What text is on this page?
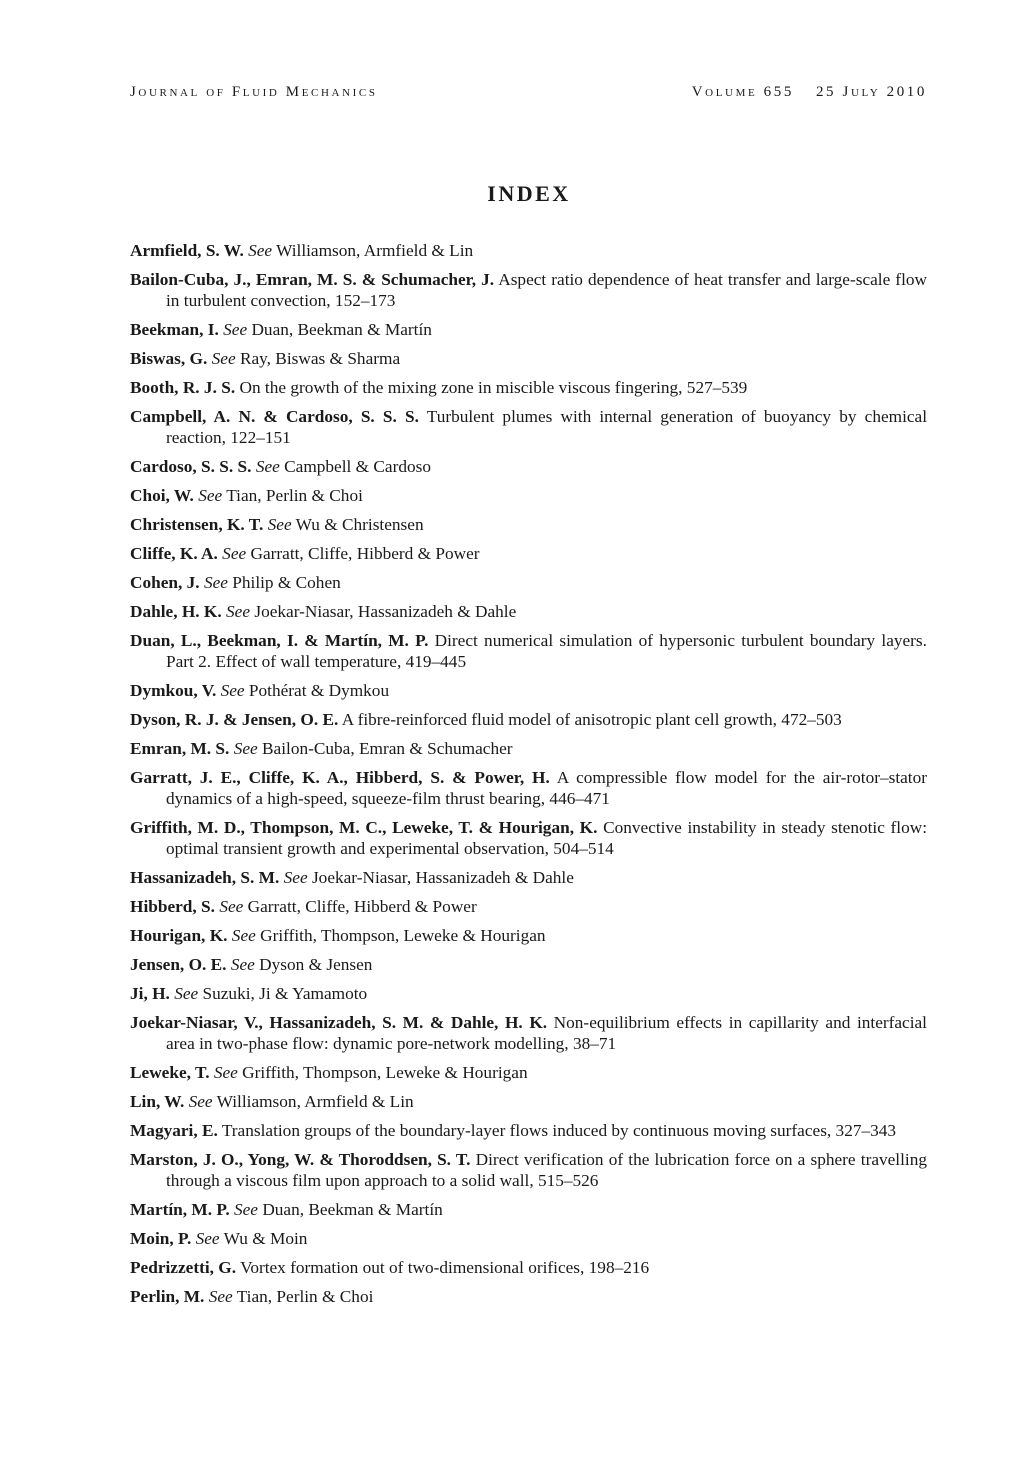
Journal of Fluid Mechanics	Volume 655 25 July 2010
INDEX
Armfield, S. W. See Williamson, Armfield & Lin
Bailon-Cuba, J., Emran, M. S. & Schumacher, J. Aspect ratio dependence of heat transfer and large-scale flow in turbulent convection, 152–173
Beekman, I. See Duan, Beekman & Martín
Biswas, G. See Ray, Biswas & Sharma
Booth, R. J. S. On the growth of the mixing zone in miscible viscous fingering, 527–539
Campbell, A. N. & Cardoso, S. S. S. Turbulent plumes with internal generation of buoyancy by chemical reaction, 122–151
Cardoso, S. S. S. See Campbell & Cardoso
Choi, W. See Tian, Perlin & Choi
Christensen, K. T. See Wu & Christensen
Cliffe, K. A. See Garratt, Cliffe, Hibberd & Power
Cohen, J. See Philip & Cohen
Dahle, H. K. See Joekar-Niasar, Hassanizadeh & Dahle
Duan, L., Beekman, I. & Martín, M. P. Direct numerical simulation of hypersonic turbulent boundary layers. Part 2. Effect of wall temperature, 419–445
Dymkou, V. See Pothérat & Dymkou
Dyson, R. J. & Jensen, O. E. A fibre-reinforced fluid model of anisotropic plant cell growth, 472–503
Emran, M. S. See Bailon-Cuba, Emran & Schumacher
Garratt, J. E., Cliffe, K. A., Hibberd, S. & Power, H. A compressible flow model for the air-rotor–stator dynamics of a high-speed, squeeze-film thrust bearing, 446–471
Griffith, M. D., Thompson, M. C., Leweke, T. & Hourigan, K. Convective instability in steady stenotic flow: optimal transient growth and experimental observation, 504–514
Hassanizadeh, S. M. See Joekar-Niasar, Hassanizadeh & Dahle
Hibberd, S. See Garratt, Cliffe, Hibberd & Power
Hourigan, K. See Griffith, Thompson, Leweke & Hourigan
Jensen, O. E. See Dyson & Jensen
Ji, H. See Suzuki, Ji & Yamamoto
Joekar-Niasar, V., Hassanizadeh, S. M. & Dahle, H. K. Non-equilibrium effects in capillarity and interfacial area in two-phase flow: dynamic pore-network modelling, 38–71
Leweke, T. See Griffith, Thompson, Leweke & Hourigan
Lin, W. See Williamson, Armfield & Lin
Magyari, E. Translation groups of the boundary-layer flows induced by continuous moving surfaces, 327–343
Marston, J. O., Yong, W. & Thoroddsen, S. T. Direct verification of the lubrication force on a sphere travelling through a viscous film upon approach to a solid wall, 515–526
Martín, M. P. See Duan, Beekman & Martín
Moin, P. See Wu & Moin
Pedrizzetti, G. Vortex formation out of two-dimensional orifices, 198–216
Perlin, M. See Tian, Perlin & Choi
